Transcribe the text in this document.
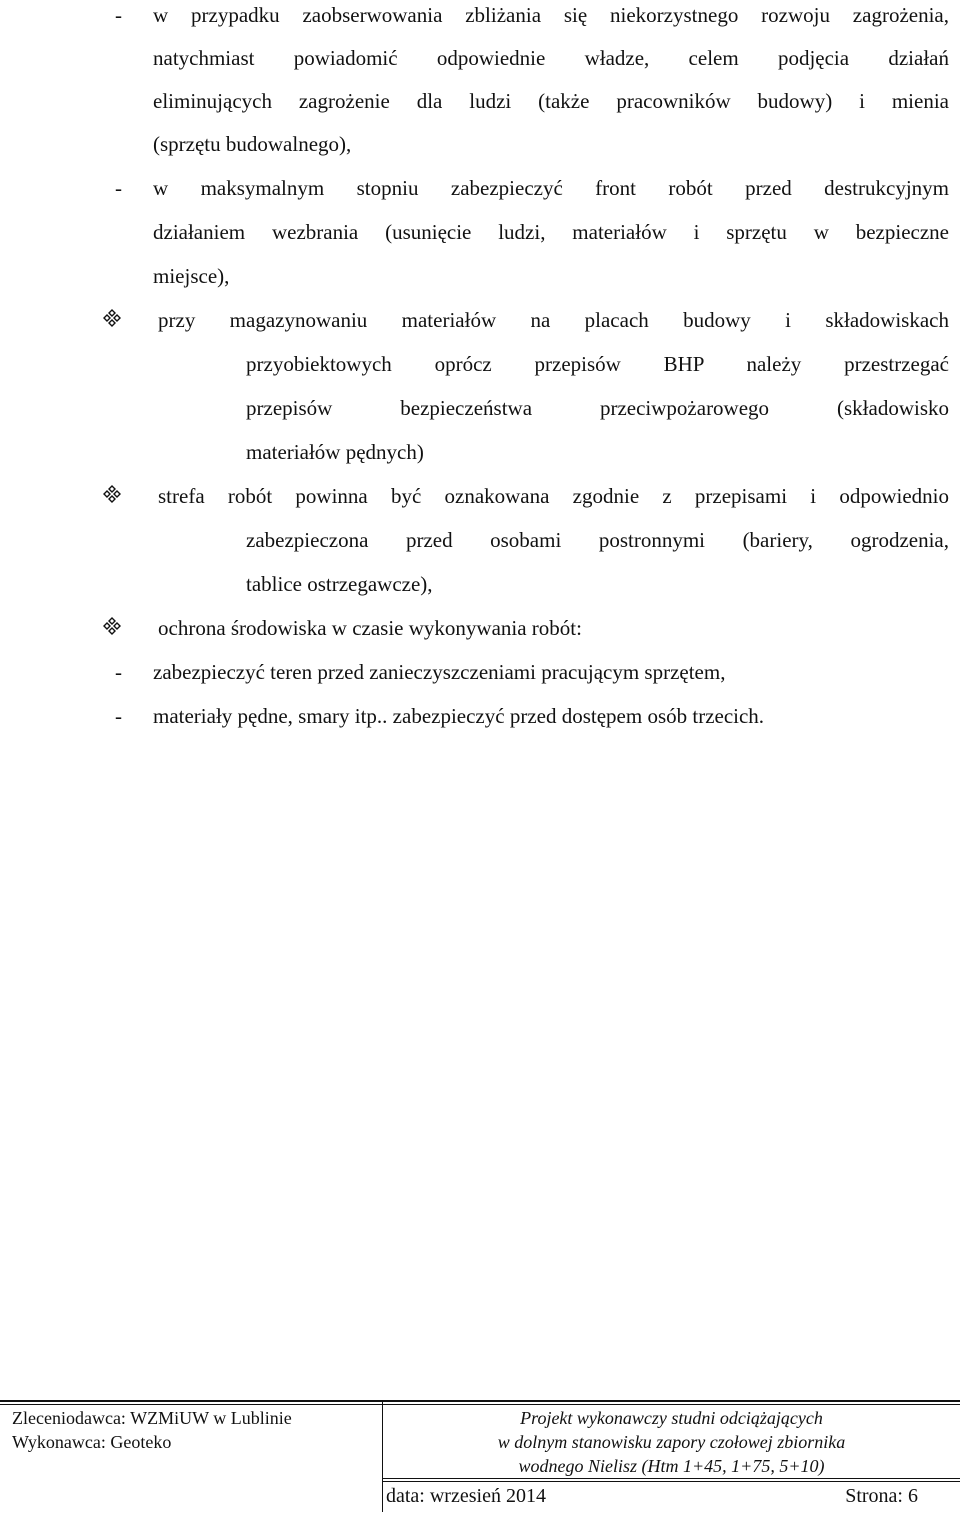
- w przypadku zaobserwowania zbliżania się niekorzystnego rozwoju zagrożenia,
natychmiast powiadomić odpowiednie władze, celem podjęcia działań
eliminujących zagrożenie dla ludzi (także pracowników budowy) i mienia
(sprzętu budowalnego),
- w maksymalnym stopniu zabezpieczyć front robót przed destrukcyjnym
działaniem wezbrania (usunięcie ludzi, materiałów i sprzętu w bezpieczne
miejsce),
przy magazynowaniu materiałów na placach budowy i składowiskach
przyobiektowych oprócz przepisów BHP należy przestrzegać
przepisów bezpieczeństwa przeciwpożarowego (składowisko
materiałów pędnych)
strefa robót powinna być oznakowana zgodnie z przepisami i odpowiednio
zabezpieczona przed osobami postronnymi (bariery, ogrodzenia,
tablice ostrzegawcze),
ochrona środowiska w czasie wykonywania robót:
- zabezpieczyć teren przed zanieczyszczeniami pracującym sprzętem,
- materiały pędne, smary itp.. zabezpieczyć przed dostępem osób trzecich.
Zleceniodawca: WZMiUW w Lublinie
Wykonawca: Geoteko
Projekt wykonawczy studni odciążających
w dolnym stanowisku zapory czołowej zbiornika
wodnego Nielisz (Htm 1+45, 1+75, 5+10)
data: wrzesień 2014	Strona: 6
